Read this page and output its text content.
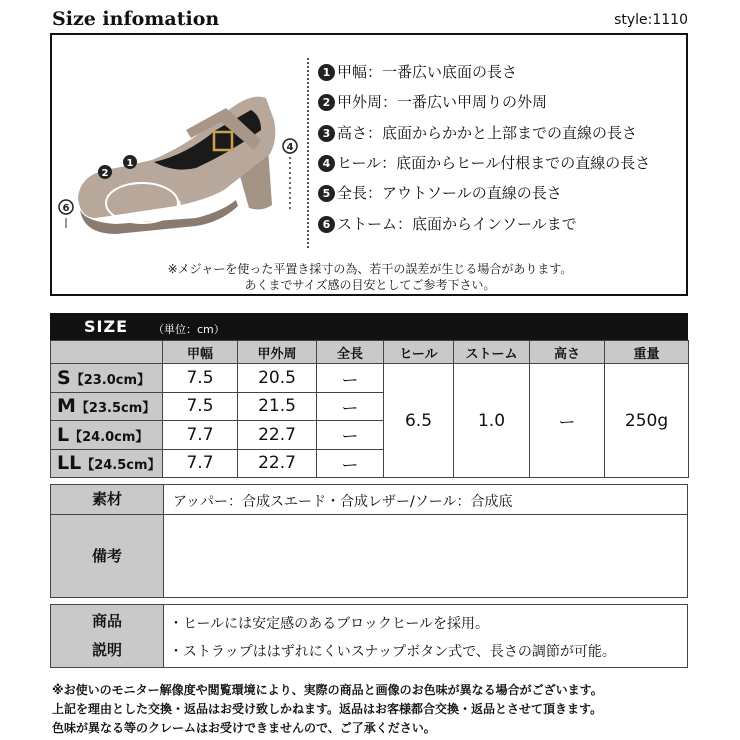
Size infomation	style:1110
1
2
4
6
1 甲幅：一番広い底面の長さ
2 甲外周：一番広い甲周りの外周
3 高さ：底面からかかと上部までの直線の長さ
4 ヒール：底面からヒール付根までの直線の長さ
5 全長：アウトソールの直線の長さ
6 ストーム：底面からインソールまで
※メジャーを使った平置き採寸の為、若干の誤差が生じる場合があります。
あくまでサイズ感の目安としてご参考下さい。
SIZE （単位：cm）
	甲幅	甲外周	全長	ヒール	ストーム	高さ	重量
S【23.0cm】	7.5	20.5	ー	6.5	1.0	ー	250g
M【23.5cm】	7.5	21.5	ー				
L【24.0cm】	7.7	22.7	ー				
LL【24.5cm】	7.7	22.7	ー				
素材	アッパー：合成スエード・合成レザー/ソール：合成底
備考
商品
説明
・ヒールには安定感のあるブロックヒールを採用。
・ストラップははずれにくいスナップボタン式で、長さの調節が可能。
※お使いのモニター解像度や閲覧環境により、実際の商品と画像のお色味が異なる場合がございます。
上記を理由とした交換・返品はお受け致しかねます。返品はお客様都合交換・返品とさせて頂きます。
色味が異なる等のクレームはお受けできませんので、ご了承ください。
